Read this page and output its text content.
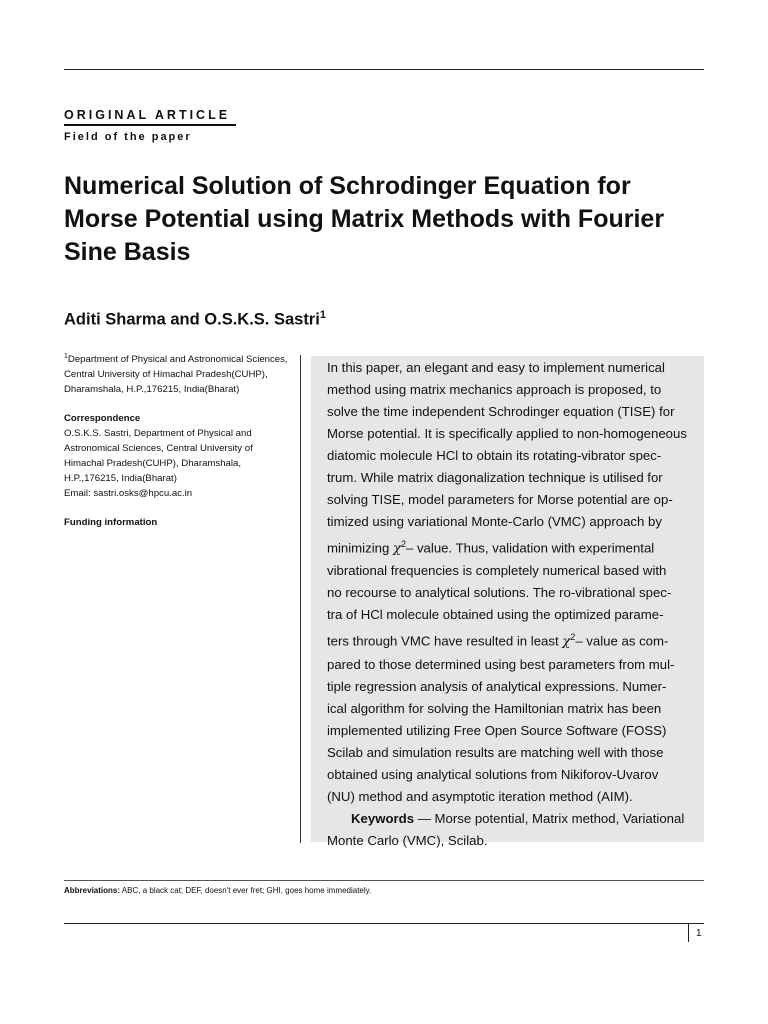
ORIGINAL ARTICLE
Field of the paper
Numerical Solution of Schrodinger Equation for Morse Potential using Matrix Methods with Fourier Sine Basis
Aditi Sharma and O.S.K.S. Sastri$^1$

$^1$Department of Physical and Astronomical Sciences, Central University of Himachal Pradesh(CUHP), Dharamshala, H.P.,176215, India(Bharat)

Correspondence

O.S.K.S. Sastri, Department of Physical and Astronomical Sciences, Central University of Himachal Pradesh(CUHP), Dharamshala, H.P.,176215, India(Bharat)

Email: sastri.osks@hpcu.ac.in

Funding information

In this paper, an elegant and easy to implement numerical
method using matrix mechanics approach is proposed, to
solve the time independent Schrodinger equation (TISE) for
Morse potential. It is specifically applied to non-homogeneous
diatomic molecule HCl to obtain its rotating-vibrator spec-
trum. While matrix diagonalization technique is utilised for
solving TISE, model parameters for Morse potential are op-
timized using variational Monte-Carlo (VMC) approach by
minimizing $\chi^2-$ value. Thus, validation with experimental
vibrational frequencies is completely numerical based with
no recourse to analytical solutions. The ro-vibrational spec-
tra of HCl molecule obtained using the optimized parame-
ters through VMC have resulted in least $\chi^2-$ value as com-
pared to those determined using best parameters from mul-
tiple regression analysis of analytical expressions. Numer-
ical algorithm for solving the Hamiltonian matrix has been
implemented utilizing Free Open Source Software (FOSS)
Scilab and simulation results are matching well with those
obtained using analytical solutions from Nikiforov-Uvarov
(NU) method and asymptotic iteration method (AIM).
Keywords — Morse potential, Matrix method, Variational
Monte Carlo (VMC), Scilab.
Abbreviations: ABC, a black cat; DEF, doesn't ever fret; GHI, goes home immediately.
1
